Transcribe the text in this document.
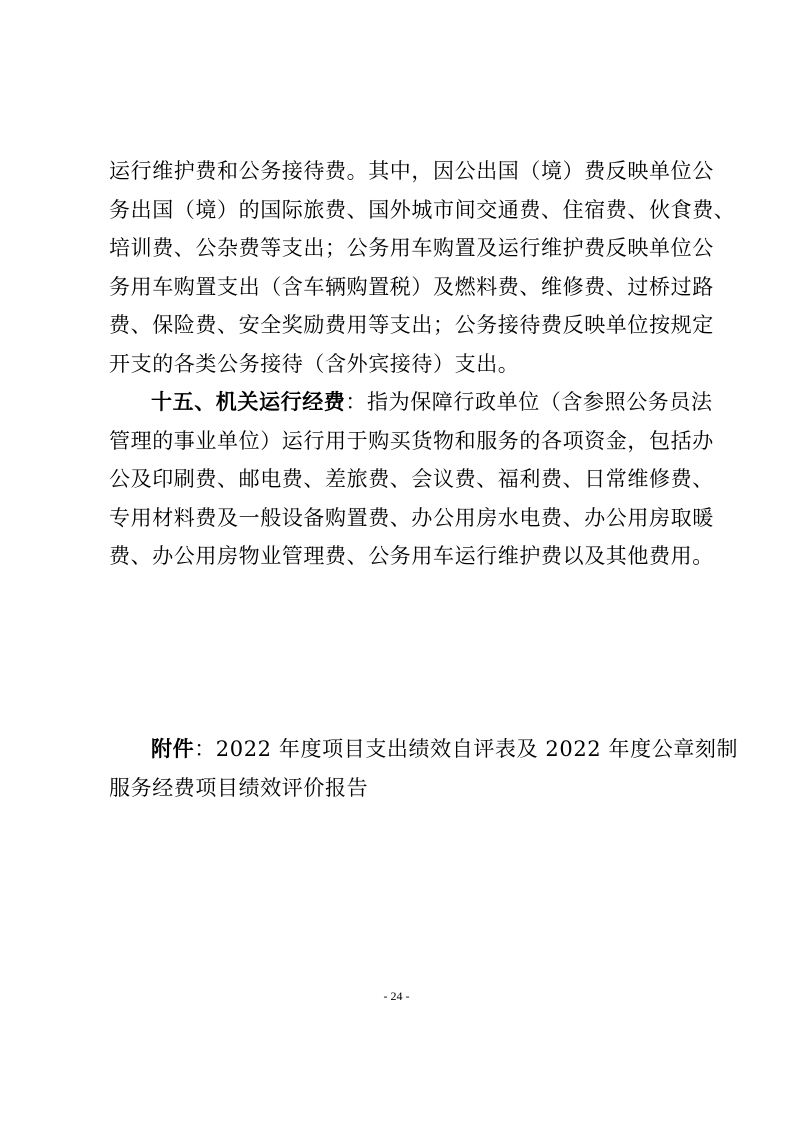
运行维护费和公务接待费。其中，因公出国（境）费反映单位公
务出国（境）的国际旅费、国外城市间交通费、住宿费、伙食费、
培训费、公杂费等支出；公务用车购置及运行维护费反映单位公
务用车购置支出（含车辆购置税）及燃料费、维修费、过桥过路
费、保险费、安全奖励费用等支出；公务接待费反映单位按规定
开支的各类公务接待（含外宾接待）支出。
十五、机关运行经费：指为保障行政单位（含参照公务员法
管理的事业单位）运行用于购买货物和服务的各项资金，包括办
公及印刷费、邮电费、差旅费、会议费、福利费、日常维修费、
专用材料费及一般设备购置费、办公用房水电费、办公用房取暖
费、办公用房物业管理费、公务用车运行维护费以及其他费用。
附件：2022 年度项目支出绩效自评表及 2022 年度公章刻制
服务经费项目绩效评价报告
- 24 -
